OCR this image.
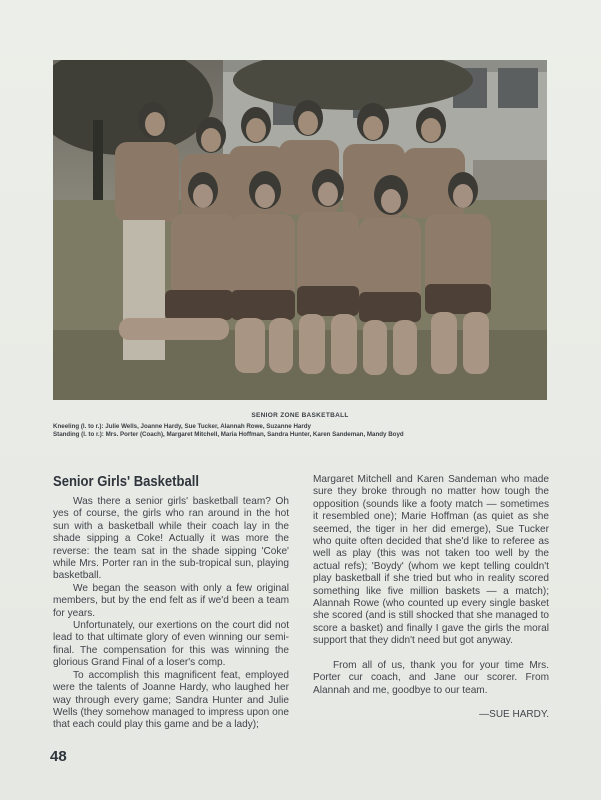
SENIOR ZONE BASKETBALL
Kneeling (l. to r.): Julie Wells, Joanne Hardy, Sue Tucker, Alannah Rowe, Suzanne Hardy
Standing (l. to r.): Mrs. Porter (Coach), Margaret Mitchell, Maria Hoffman, Sandra Hunter, Karen Sandeman, Mandy Boyd
Senior Girls' Basketball

Was there a senior girls' basketball team? Oh yes of course, the girls who ran around in the hot sun with a basketball while their coach lay in the shade sipping a Coke! Actually it was more the reverse: the team sat in the shade sipping 'Coke' while Mrs. Porter ran in the sub-tropical sun, playing basketball.

We began the season with only a few original members, but by the end felt as if we'd been a team for years.

Unfortunately, our exertions on the court did not lead to that ultimate glory of even winning our semi-final. The compensation for this was winning the glorious Grand Final of a loser's comp.

To accomplish this magnificent feat, employed were the talents of Joanne Hardy, who laughed her way through every game; Sandra Hunter and Julie Wells (they somehow managed to impress upon one that each could play this game and be a lady);

Margaret Mitchell and Karen Sandeman who made sure they broke through no matter how tough the opposition (sounds like a footy match — sometimes it resembled one); Marie Hoffman (as quiet as she seemed, the tiger in her did emerge), Sue Tucker who quite often decided that she'd like to referee as well as play (this was not taken too well by the actual refs); 'Boydy' (whom we kept telling couldn't play basketball if she tried but who in reality scored something like five million baskets — a match); Alannah Rowe (who counted up every single basket she scored (and is still shocked that she managed to score a basket) and finally I gave the girls the moral support that they didn't need but got anyway.

From all of us, thank you for your time Mrs. Porter cur coach, and Jane our scorer. From Alannah and me, goodbye to our team.

—SUE HARDY.
48
